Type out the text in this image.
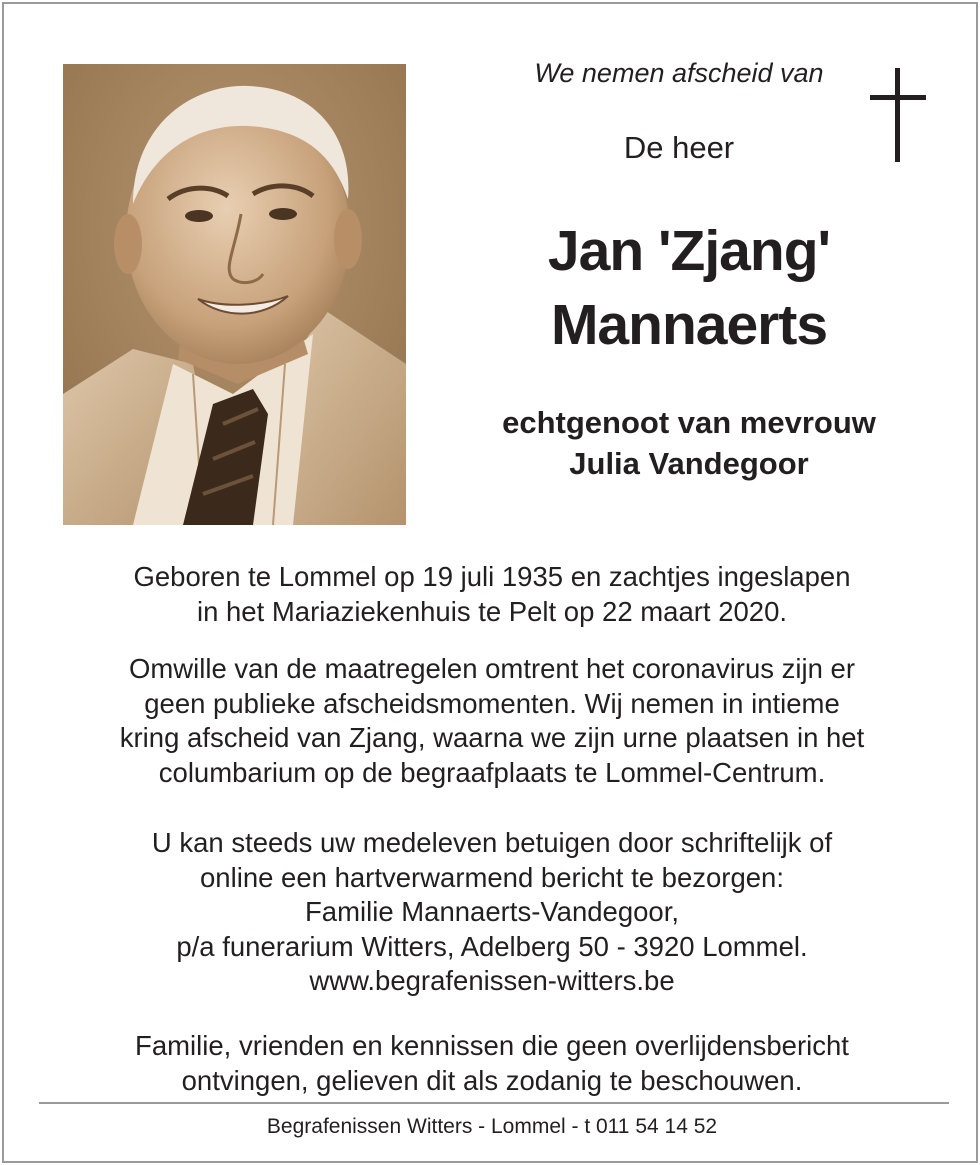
We nemen afscheid van
De heer
Jan 'Zjang'
Mannaerts
echtgenoot van mevrouw
Julia Vandegoor
Geboren te Lommel op 19 juli 1935 en zachtjes ingeslapen
in het Mariaziekenhuis te Pelt op 22 maart 2020.
Omwille van de maatregelen omtrent het coronavirus zijn er
geen publieke afscheidsmomenten. Wij nemen in intieme
kring afscheid van Zjang, waarna we zijn urne plaatsen in het
columbarium op de begraafplaats te Lommel-Centrum.
U kan steeds uw medeleven betuigen door schriftelijk of
online een hartverwarmend bericht te bezorgen:
Familie Mannaerts-Vandegoor,
p/a funerarium Witters, Adelberg 50 - 3920 Lommel.
www.begrafenissen-witters.be
Familie, vrienden en kennissen die geen overlijdensbericht
ontvingen, gelieven dit als zodanig te beschouwen.
Begrafenissen Witters - Lommel - t 011 54 14 52
